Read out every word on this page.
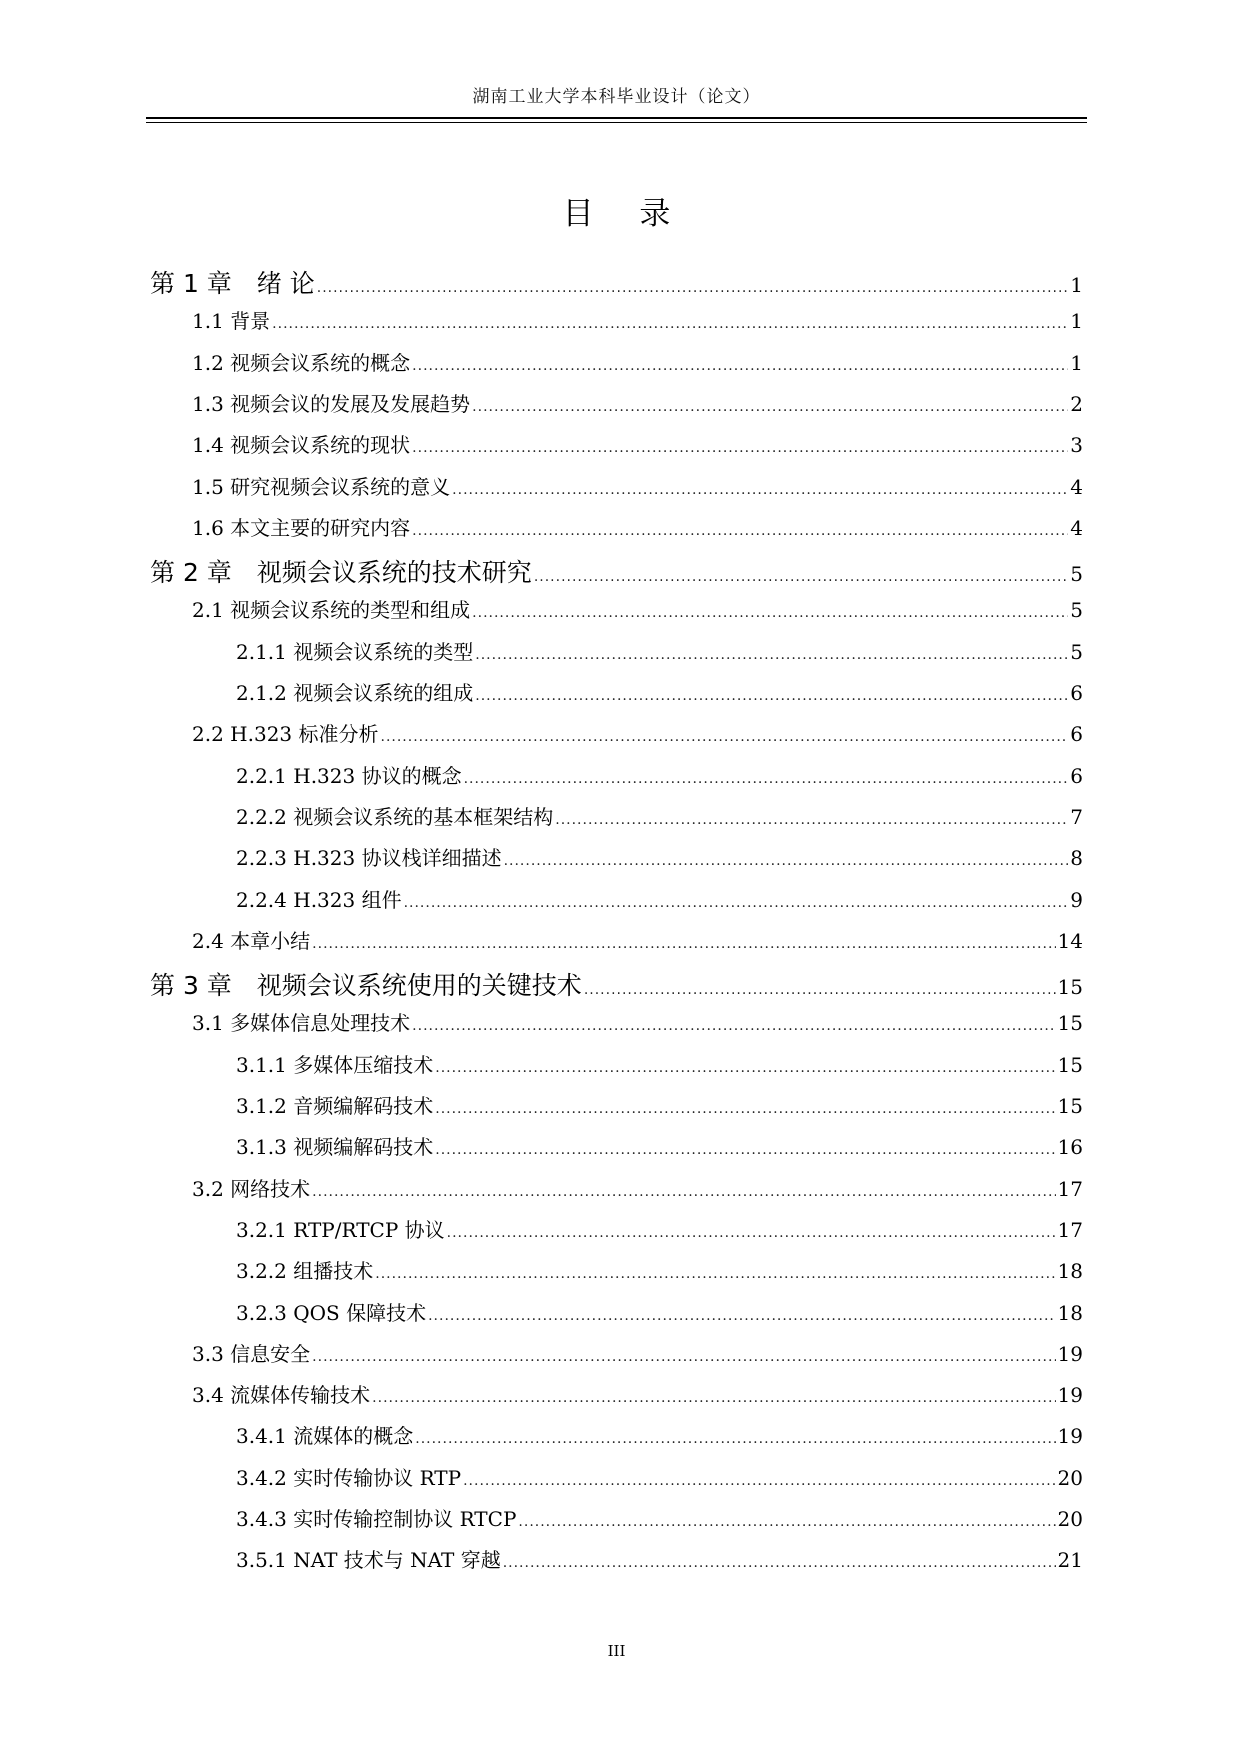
湖南工业大学本科毕业设计（论文）
目 录
第 1 章　绪 论 .....	1
1.1 背景 .....	1
1.2 视频会议系统的概念 .....	1
1.3 视频会议的发展及发展趋势 .....	2
1.4 视频会议系统的现状 .....	3
1.5 研究视频会议系统的意义 .....	4
1.6 本文主要的研究内容 .....	4
第 2 章　视频会议系统的技术研究 .....	5
2.1 视频会议系统的类型和组成 .....	5
2.1.1 视频会议系统的类型 .....	5
2.1.2 视频会议系统的组成 .....	6
2.2 H.323 标准分析 .....	6
2.2.1 H.323 协议的概念 .....	6
2.2.2 视频会议系统的基本框架结构 .....	7
2.2.3 H.323 协议栈详细描述 .....	8
2.2.4 H.323 组件 .....	9
2.4 本章小结 .....	14
第 3 章　视频会议系统使用的关键技术 .....	15
3.1 多媒体信息处理技术 .....	15
3.1.1 多媒体压缩技术 .....	15
3.1.2 音频编解码技术 .....	15
3.1.3 视频编解码技术 .....	16
3.2 网络技术 .....	17
3.2.1 RTP/RTCP 协议 .....	17
3.2.2 组播技术 .....	18
3.2.3 QOS 保障技术 .....	18
3.3 信息安全 .....	19
3.4 流媒体传输技术 .....	19
3.4.1 流媒体的概念 .....	19
3.4.2 实时传输协议 RTP .....	20
3.4.3 实时传输控制协议 RTCP .....	20
3.5.1 NAT 技术与 NAT 穿越 .....	21
III
